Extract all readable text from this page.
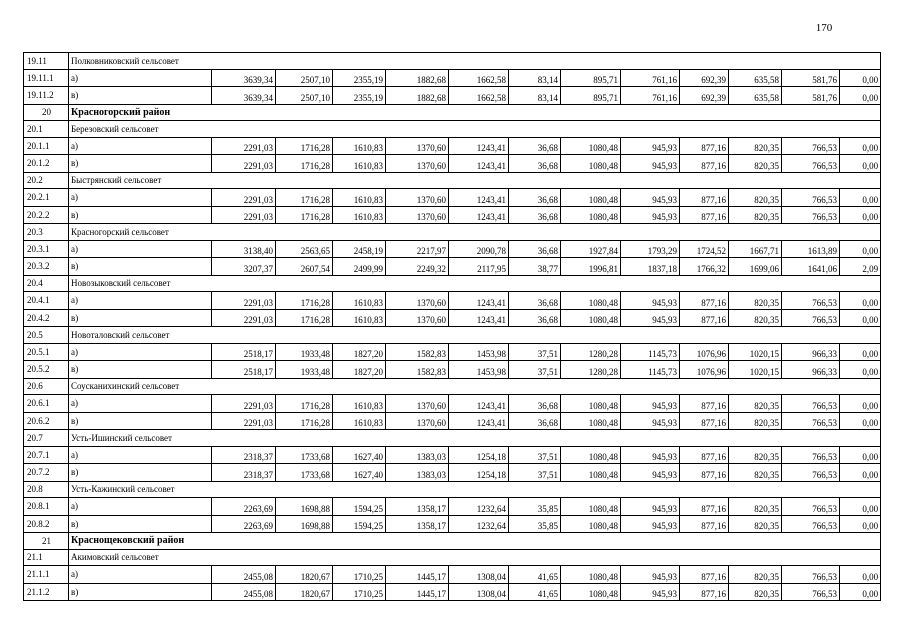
170
19.11	Полковниковский сельсовет												
19.11.1	а)	3639,34	2507,10	2355,19	1882,68	1662,58	83,14	895,71	761,16	692,39	635,58	581,76	0,00
19.11.2	в)	3639,34	2507,10	2355,19	1882,68	1662,58	83,14	895,71	761,16	692,39	635,58	581,76	0,00
20	Красногорский район												
20.1	Березовский сельсовет												
20.1.1	а)	2291,03	1716,28	1610,83	1370,60	1243,41	36,68	1080,48	945,93	877,16	820,35	766,53	0,00
20.1.2	в)	2291,03	1716,28	1610,83	1370,60	1243,41	36,68	1080,48	945,93	877,16	820,35	766,53	0,00
20.2	Быстрянский сельсовет												
20.2.1	а)	2291,03	1716,28	1610,83	1370,60	1243,41	36,68	1080,48	945,93	877,16	820,35	766,53	0,00
20.2.2	в)	2291,03	1716,28	1610,83	1370,60	1243,41	36,68	1080,48	945,93	877,16	820,35	766,53	0,00
20.3	Красногорский сельсовет												
20.3.1	а)	3138,40	2563,65	2458,19	2217,97	2090,78	36,68	1927,84	1793,29	1724,52	1667,71	1613,89	0,00
20.3.2	в)	3207,37	2607,54	2499,99	2249,32	2117,95	38,77	1996,81	1837,18	1766,32	1699,06	1641,06	2,09
20.4	Новозыковский сельсовет												
20.4.1	а)	2291,03	1716,28	1610,83	1370,60	1243,41	36,68	1080,48	945,93	877,16	820,35	766,53	0,00
20.4.2	в)	2291,03	1716,28	1610,83	1370,60	1243,41	36,68	1080,48	945,93	877,16	820,35	766,53	0,00
20.5	Новоталовский сельсовет												
20.5.1	а)	2518,17	1933,48	1827,20	1582,83	1453,98	37,51	1280,28	1145,73	1076,96	1020,15	966,33	0,00
20.5.2	в)	2518,17	1933,48	1827,20	1582,83	1453,98	37,51	1280,28	1145,73	1076,96	1020,15	966,33	0,00
20.6	Соусканихинский сельсовет												
20.6.1	а)	2291,03	1716,28	1610,83	1370,60	1243,41	36,68	1080,48	945,93	877,16	820,35	766,53	0,00
20.6.2	в)	2291,03	1716,28	1610,83	1370,60	1243,41	36,68	1080,48	945,93	877,16	820,35	766,53	0,00
20.7	Усть-Ишинский сельсовет												
20.7.1	а)	2318,37	1733,68	1627,40	1383,03	1254,18	37,51	1080,48	945,93	877,16	820,35	766,53	0,00
20.7.2	в)	2318,37	1733,68	1627,40	1383,03	1254,18	37,51	1080,48	945,93	877,16	820,35	766,53	0,00
20.8	Усть-Кажинский сельсовет												
20.8.1	а)	2263,69	1698,88	1594,25	1358,17	1232,64	35,85	1080,48	945,93	877,16	820,35	766,53	0,00
20.8.2	в)	2263,69	1698,88	1594,25	1358,17	1232,64	35,85	1080,48	945,93	877,16	820,35	766,53	0,00
21	Краснощековский район												
21.1	Акимовский сельсовет												
21.1.1	а)	2455,08	1820,67	1710,25	1445,17	1308,04	41,65	1080,48	945,93	877,16	820,35	766,53	0,00
21.1.2	в)	2455,08	1820,67	1710,25	1445,17	1308,04	41,65	1080,48	945,93	877,16	820,35	766,53	0,00
